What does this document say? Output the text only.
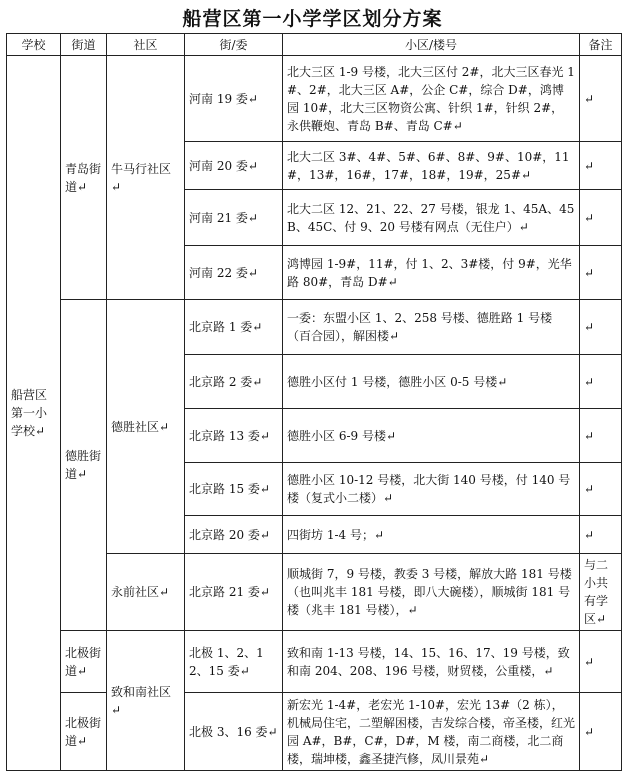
船营区第一小学学区划分方案
学校	街道	社区	街/委	小区/楼号	备注
船营区第一小学校↵	青岛街道↵	牛马行社区↵	河南 19 委↵	北大三区 1-9 号楼，北大三区付 2#，北大三区春光 1#、2#，北大三区 A#，公企 C#，综合 D#，鸿博园 10#，北大三区物资公寓、针织 1#，针织 2#，永供鞭炮、青岛 B#、青岛 C#↵	↵
			河南 20 委↵	北大二区 3#、4#、5#、6#、8#、9#、10#，11#，13#，16#，17#，18#，19#，25#↵	↵
			河南 21 委↵	北大二区 12、21、22、27 号楼，银龙 1、45A、45B、45C、付 9、20 号楼有网点（无住户）↵	↵
			河南 22 委↵	鸿博园 1-9#，11#，付 1、2、3#楼，付 9#，光华路 80#，青岛 D#↵	↵
	德胜街道↵	德胜社区↵	北京路 1 委↵	一委：东盟小区 1、2、258 号楼、德胜路 1 号楼（百合园），解困楼↵	↵
			北京路 2 委↵	德胜小区付 1 号楼，德胜小区 0-5 号楼↵	↵
			北京路 13 委↵	德胜小区 6-9 号楼↵	↵
			北京路 15 委↵	德胜小区 10-12 号楼，北大街 140 号楼，付 140 号楼（复式小二楼）↵	↵
			北京路 20 委↵	四街坊 1-4 号；↵	↵
		永前社区↵	北京路 21 委↵	顺城街 7，9 号楼，教委 3 号楼，解放大路 181 号楼（也叫兆丰 181 号楼，即八大碗楼），顺城街 181 号楼（兆丰 181 号楼），↵	与二小共有学区↵
	北极街道↵	致和南社区↵	北极 1、2、12、15 委↵	致和南 1-13 号楼，14、15、16、17、19 号楼，致和南 204、208、196 号楼，财贸楼，公重楼，↵	↵
	北极街道↵		北极 3、16 委↵	新宏光 1-4#，老宏光 1-10#，宏光 13#（2 栋），机械局住宅，二塑解困楼，吉发综合楼，帝圣楼，红光园 A#，B#，C#，D#，M 楼，南二商楼，北二商楼，瑞坤楼，鑫圣捷汽修，凤川景苑↵	↵
